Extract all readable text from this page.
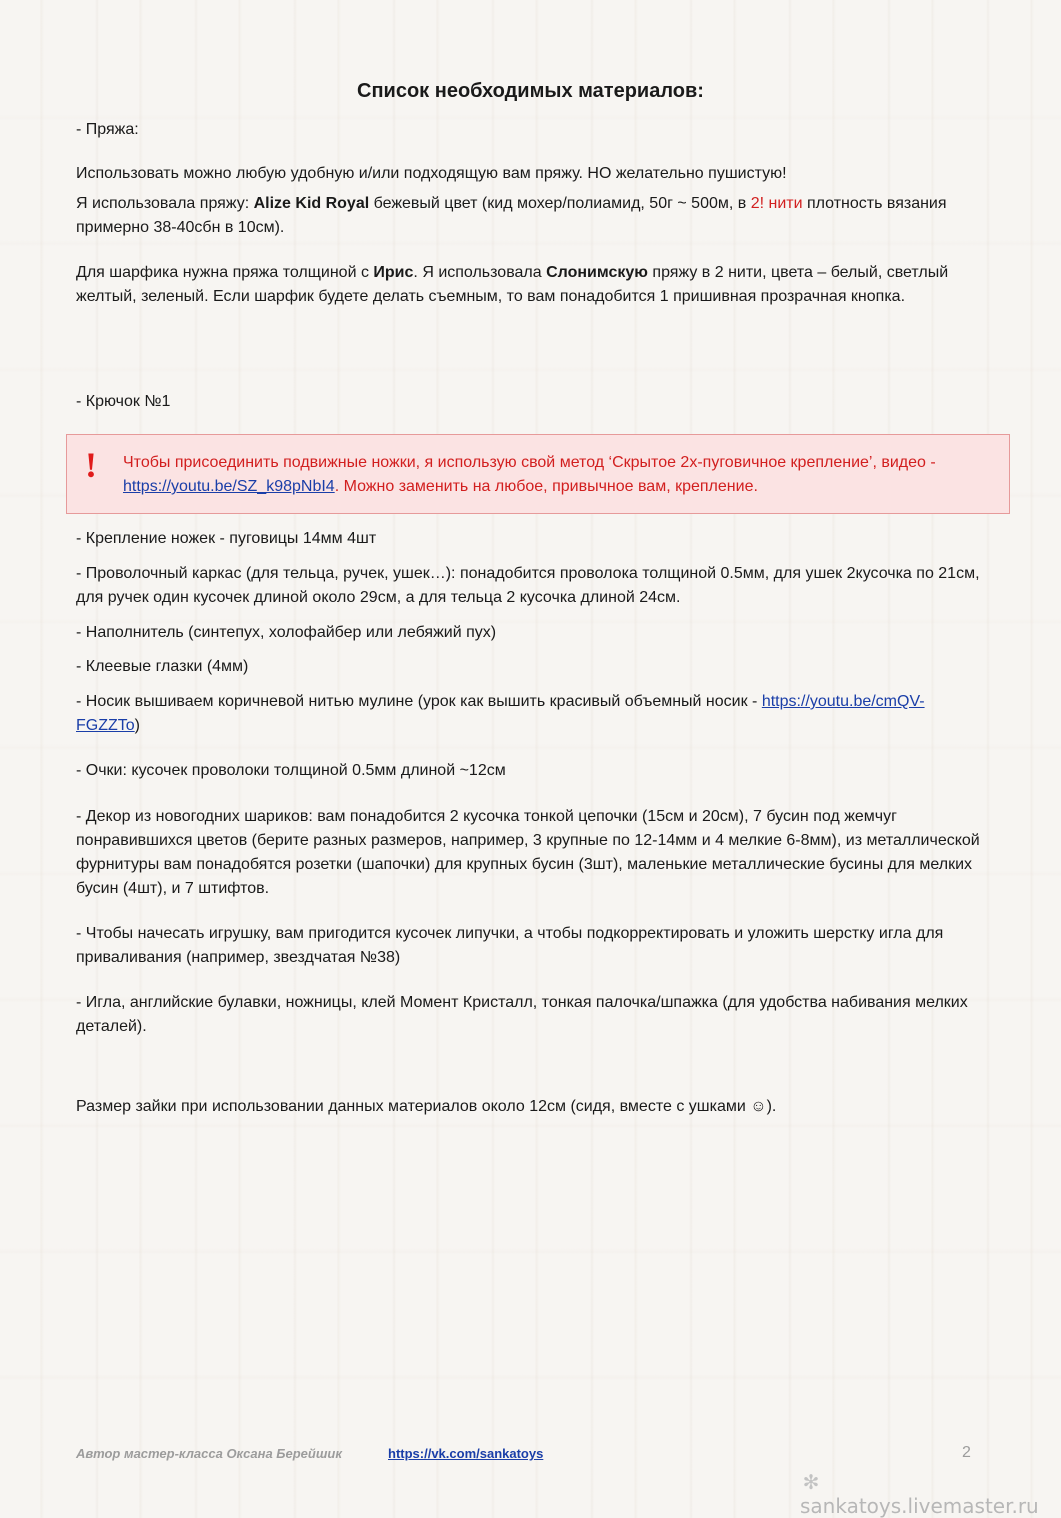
Список необходимых материалов:

- Пряжа:

Использовать можно любую удобную и/или подходящую вам пряжу. НО желательно пушистую!

Я использовала пряжу: Alize Kid Royal бежевый цвет (кид мохер/полиамид, 50г ~ 500м, в 2! нити плотность вязания примерно 38-40сбн в 10см).

Для шарфика нужна пряжа толщиной с Ирис. Я использовала Слонимскую пряжу в 2 нити, цвета – белый, светлый желтый, зеленый. Если шарфик будете делать съемным, то вам понадобится 1 пришивная прозрачная кнопка.

- Крючок №1

! Чтобы присоединить подвижные ножки, я использую свой метод ‘Скрытое 2х-пуговичное крепление’, видео - https://youtu.be/SZ_k98pNbI4. Можно заменить на любое, привычное вам, крепление.

- Крепление ножек - пуговицы 14мм 4шт

- Проволочный каркас (для тельца, ручек, ушек…): понадобится проволока толщиной 0.5мм, для ушек 2кусочка по 21см, для ручек один кусочек длиной около 29см, а для тельца 2 кусочка длиной 24см.

- Наполнитель (синтепух, холофайбер или лебяжий пух)

- Клеевые глазки (4мм)

- Носик вышиваем коричневой нитью мулине (урок как вышить красивый объемный носик - https://youtu.be/cmQV-FGZZTo)

- Очки: кусочек проволоки толщиной 0.5мм длиной ~12см

- Декор из новогодних шариков: вам понадобится 2 кусочка тонкой цепочки (15см и 20см), 7 бусин под жемчуг понравившихся цветов (берите разных размеров, например, 3 крупные по 12-14мм и 4 мелкие 6-8мм), из металлической фурнитуры вам понадобятся розетки (шапочки) для крупных бусин (3шт), маленькие металлические бусины для мелких бусин (4шт), и 7 штифтов.

- Чтобы начесать игрушку, вам пригодится кусочек липучки, а чтобы подкорректировать и уложить шерстку игла для приваливания (например, звездчатая №38)

- Игла, английские булавки, ножницы, клей Момент Кристалл, тонкая палочка/шпажка (для удобства набивания мелких деталей).

Размер зайки при использовании данных материалов около 12см (сидя, вместе с ушками ☺).

Автор мастер-класса Оксана Берейшик	https://vk.com/sankatoys	2
✻sankatoys.livemaster.ru
